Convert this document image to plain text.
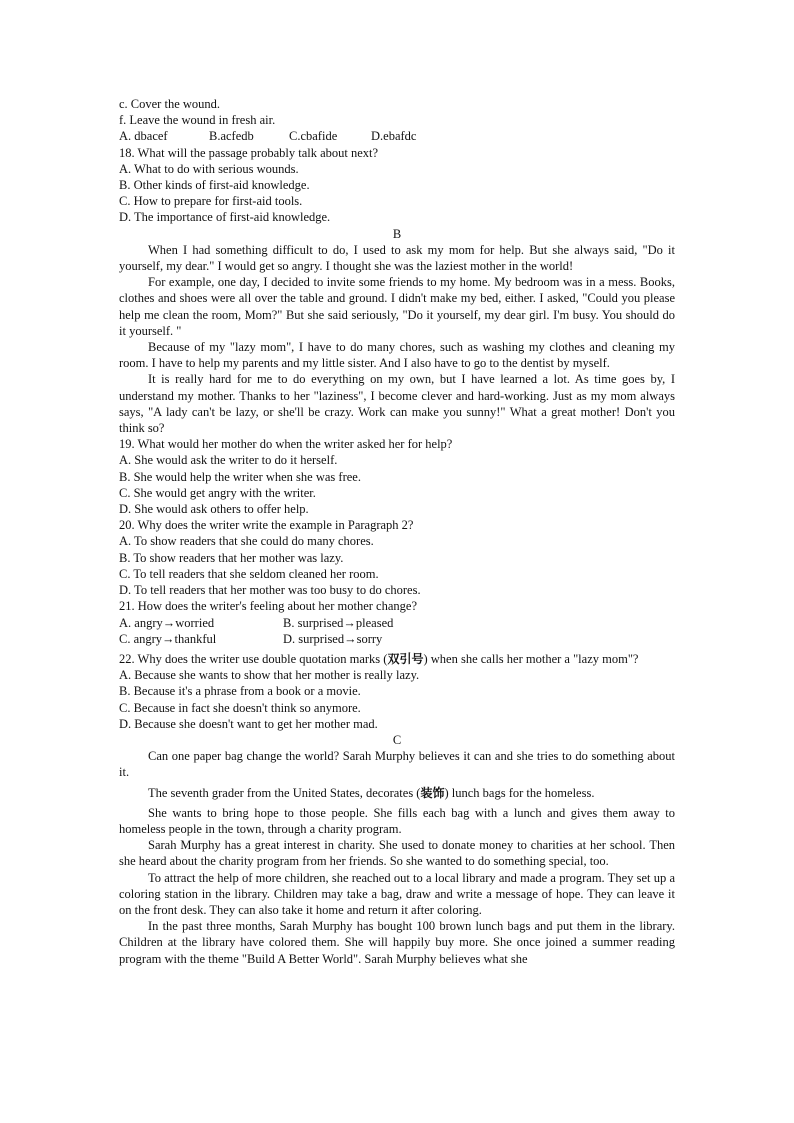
c. Cover the wound.
f. Leave the wound in fresh air.
A. dbacef	B.acfedb	C.cbafide	D.ebafdc
18. What will the passage probably talk about next?
A. What to do with serious wounds.
B. Other kinds of first-aid knowledge.
C. How to prepare for first-aid tools.
D. The importance of first-aid knowledge.
B

When I had something difficult to do, I used to ask my mom for help. But she always said, "Do it yourself, my dear." I would get so angry. I thought she was the laziest mother in the world!

For example, one day, I decided to invite some friends to my home. My bedroom was in a mess. Books, clothes and shoes were all over the table and ground. I didn't make my bed, either. I asked, "Could you please help me clean the room, Mom?" But she said seriously, "Do it yourself, my dear girl. I'm busy. You should do it yourself. "

Because of my "lazy mom", I have to do many chores, such as washing my clothes and cleaning my room. I have to help my parents and my little sister. And I also have to go to the dentist by myself.

It is really hard for me to do everything on my own, but I have learned a lot. As time goes by, I understand my mother. Thanks to her "laziness", I become clever and hard-working. Just as my mom always says, "A lady can't be lazy, or she'll be crazy. Work can make you sunny!" What a great mother! Don't you think so?

19. What would her mother do when the writer asked her for help?
A. She would ask the writer to do it herself.
B. She would help the writer when she was free.
C. She would get angry with the writer.
D. She would ask others to offer help.
20. Why does the writer write the example in Paragraph 2?
A. To show readers that she could do many chores.
B. To show readers that her mother was lazy.
C. To tell readers that she seldom cleaned her room.
D. To tell readers that her mother was too busy to do chores.
21. How does the writer's feeling about her mother change?
A. angry→worried	B. surprised→pleased
C. angry→thankful	D. surprised→sorry

22. Why does the writer use double quotation marks (双引号) when she calls her mother a "lazy mom"?

A. Because she wants to show that her mother is really lazy.
B. Because it's a phrase from a book or a movie.
C. Because in fact she doesn't think so anymore.
D. Because she doesn't want to get her mother mad.
C

Can one paper bag change the world? Sarah Murphy believes it can and she tries to do something about it.

The seventh grader from the United States, decorates (装饰) lunch bags for the homeless.

She wants to bring hope to those people. She fills each bag with a lunch and gives them away to homeless people in the town, through a charity program.

Sarah Murphy has a great interest in charity. She used to donate money to charities at her school. Then she heard about the charity program from her friends. So she wanted to do something special, too.

To attract the help of more children, she reached out to a local library and made a program. They set up a coloring station in the library. Children may take a bag, draw and write a message of hope. They can leave it on the front desk. They can also take it home and return it after coloring.

In the past three months, Sarah Murphy has bought 100 brown lunch bags and put them in the library. Children at the library have colored them. She will happily buy more. She once joined a summer reading program with the theme "Build A Better World". Sarah Murphy believes what she
